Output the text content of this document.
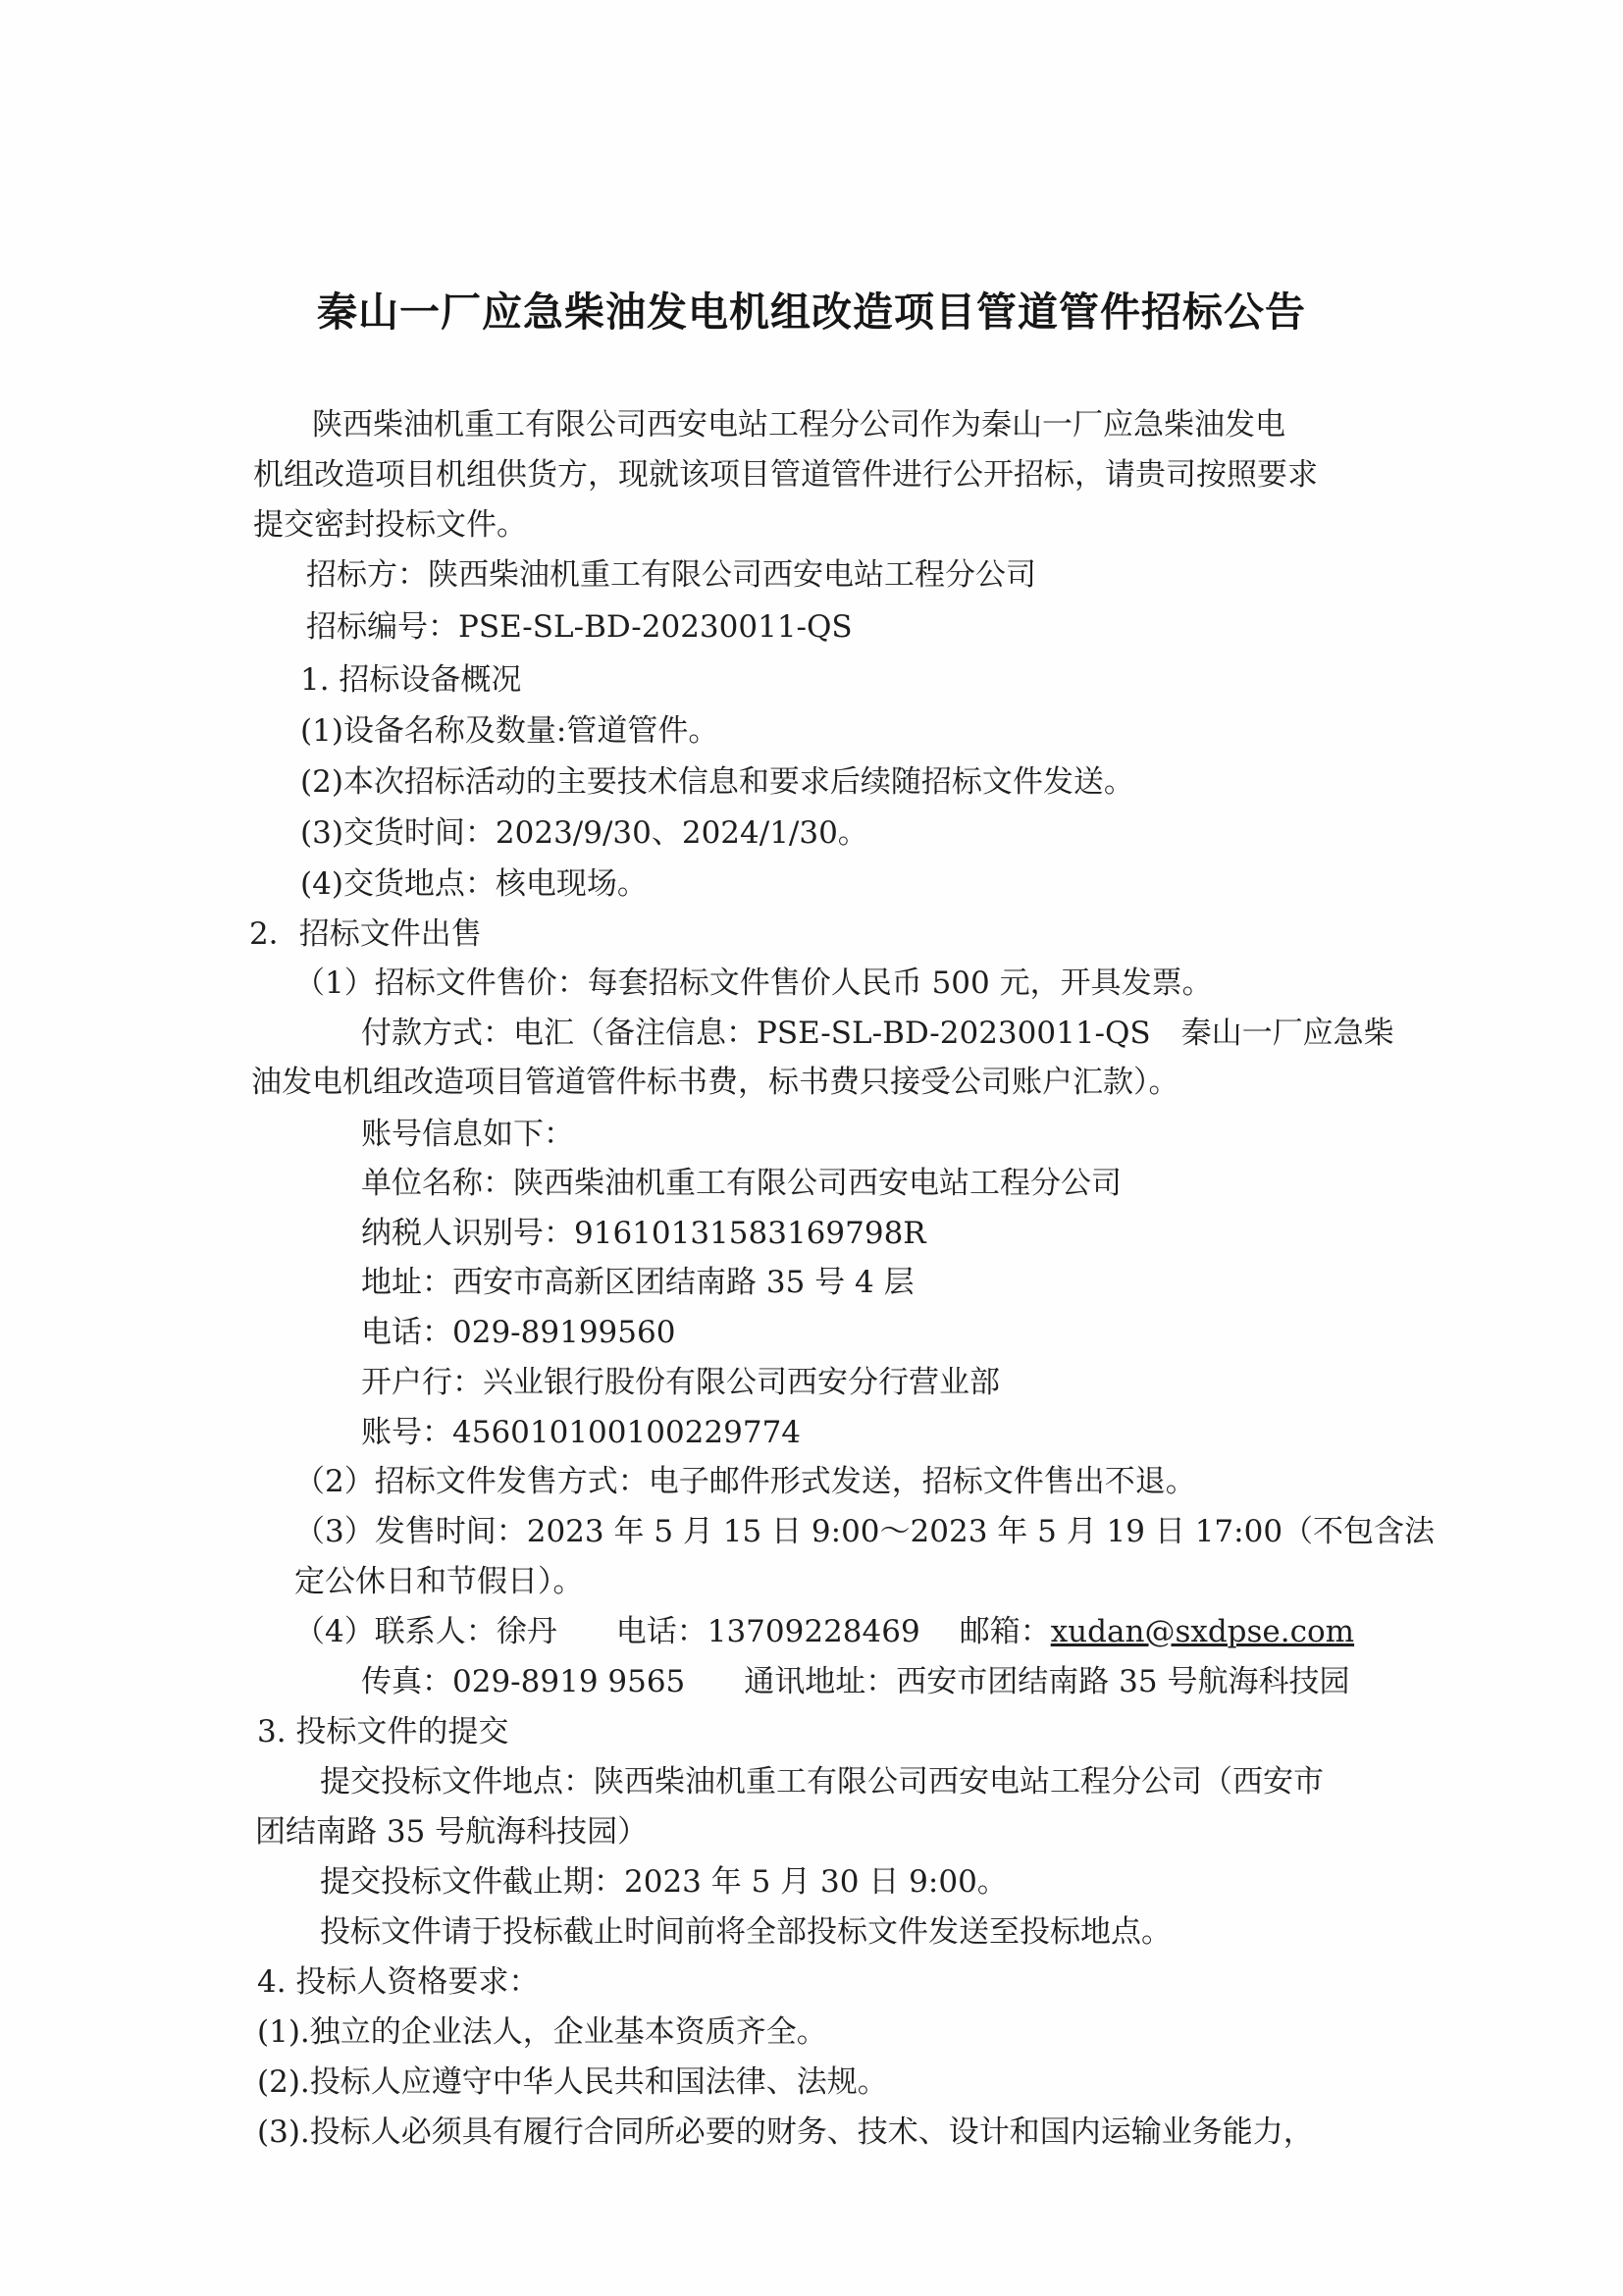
秦山一厂应急柴油发电机组改造项目管道管件招标公告
陕西柴油机重工有限公司西安电站工程分公司作为秦山一厂应急柴油发电
机组改造项目机组供货方，现就该项目管道管件进行公开招标，请贵司按照要求
提交密封投标文件。
招标方：陕西柴油机重工有限公司西安电站工程分公司
招标编号：PSE-SL-BD-20230011-QS
1. 招标设备概况
(1)设备名称及数量:管道管件。
(2)本次招标活动的主要技术信息和要求后续随招标文件发送。
(3)交货时间：2023/9/30、2024/1/30。
(4)交货地点：核电现场。
2．招标文件出售
（1）招标文件售价：每套招标文件售价人民币 500 元，开具发票。
付款方式：电汇（备注信息：PSE-SL-BD-20230011-QS　秦山一厂应急柴
油发电机组改造项目管道管件标书费，标书费只接受公司账户汇款）。
账号信息如下：
单位名称：陕西柴油机重工有限公司西安电站工程分公司
纳税人识别号：91610131583169798R
地址：西安市高新区团结南路 35 号 4 层
电话：029-89199560
开户行：兴业银行股份有限公司西安分行营业部
账号：456010100100229774
（2）招标文件发售方式：电子邮件形式发送，招标文件售出不退。
（3）发售时间：2023 年 5 月 15 日 9:00～2023 年 5 月 19 日 17:00（不包含法
定公休日和节假日）。
（4）联系人：徐丹 电话：13709228469 邮箱：xudan@sxdpse.com
传真：029-8919 9565 通讯地址：西安市团结南路 35 号航海科技园
3. 投标文件的提交
提交投标文件地点：陕西柴油机重工有限公司西安电站工程分公司（西安市
团结南路 35 号航海科技园）
提交投标文件截止期：2023 年 5 月 30 日 9:00。
投标文件请于投标截止时间前将全部投标文件发送至投标地点。
4. 投标人资格要求：
(1).独立的企业法人，企业基本资质齐全。
(2).投标人应遵守中华人民共和国法律、法规。
(3).投标人必须具有履行合同所必要的财务、技术、设计和国内运输业务能力，
